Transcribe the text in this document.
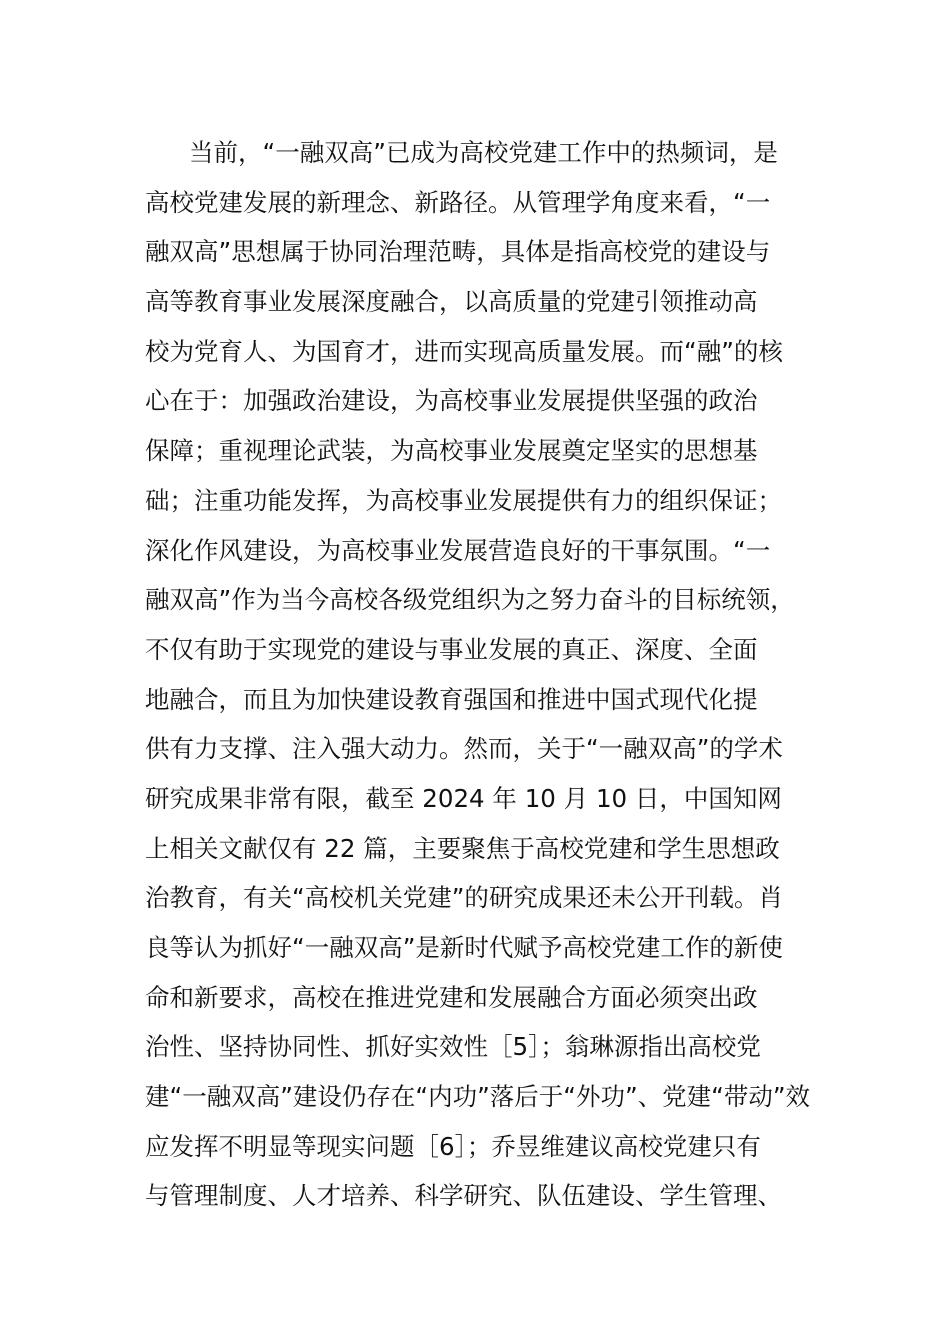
当前，“一融双高”已成为高校党建工作中的热频词，是
高校党建发展的新理念、新路径。从管理学角度来看，“一
融双高”思想属于协同治理范畴，具体是指高校党的建设与
高等教育事业发展深度融合，以高质量的党建引领推动高
校为党育人、为国育才，进而实现高质量发展。而“融”的核
心在于：加强政治建设，为高校事业发展提供坚强的政治
保障；重视理论武装，为高校事业发展奠定坚实的思想基
础；注重功能发挥，为高校事业发展提供有力的组织保证；
深化作风建设，为高校事业发展营造良好的干事氛围。“一
融双高”作为当今高校各级党组织为之努力奋斗的目标统领，
不仅有助于实现党的建设与事业发展的真正、深度、全面
地融合，而且为加快建设教育强国和推进中国式现代化提
供有力支撑、注入强大动力。然而，关于“一融双高”的学术
研究成果非常有限，截至 2024 年 10 月 10 日，中国知网
上相关文献仅有 22 篇，主要聚焦于高校党建和学生思想政
治教育，有关“高校机关党建”的研究成果还未公开刊载。肖
良等认为抓好“一融双高”是新时代赋予高校党建工作的新使
命和新要求，高校在推进党建和发展融合方面必须突出政
治性、坚持协同性、抓好实效性［5］；翁琳源指出高校党
建“一融双高”建设仍存在“内功”落后于“外功”、党建“带动”效
应发挥不明显等现实问题［6］；乔昱维建议高校党建只有
与管理制度、人才培养、科学研究、队伍建设、学生管理、
